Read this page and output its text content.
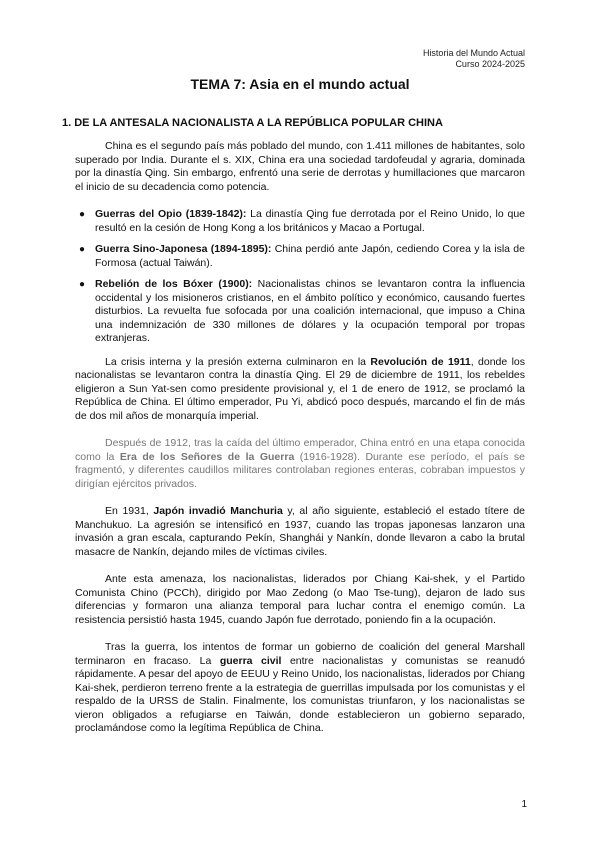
Historia del Mundo Actual
Curso 2024-2025
TEMA 7: Asia en el mundo actual
1. DE LA ANTESALA NACIONALISTA A LA REPÚBLICA POPULAR CHINA

China es el segundo país más poblado del mundo, con 1.411 millones de habitantes, solo superado por India. Durante el s. XIX, China era una sociedad tardofeudal y agraria, dominada por la dinastía Qing. Sin embargo, enfrentó una serie de derrotas y humillaciones que marcaron el inicio de su decadencia como potencia.

● Guerras del Opio (1839-1842): La dinastía Qing fue derrotada por el Reino Unido, lo que resultó en la cesión de Hong Kong a los británicos y Macao a Portugal.
● Guerra Sino-Japonesa (1894-1895): China perdió ante Japón, cediendo Corea y la isla de Formosa (actual Taiwán).
● Rebelión de los Bóxer (1900): Nacionalistas chinos se levantaron contra la influencia occidental y los misioneros cristianos, en el ámbito político y económico, causando fuertes disturbios. La revuelta fue sofocada por una coalición internacional, que impuso a China una indemnización de 330 millones de dólares y la ocupación temporal por tropas extranjeras.

La crisis interna y la presión externa culminaron en la Revolución de 1911, donde los nacionalistas se levantaron contra la dinastía Qing. El 29 de diciembre de 1911, los rebeldes eligieron a Sun Yat-sen como presidente provisional y, el 1 de enero de 1912, se proclamó la República de China. El último emperador, Pu Yi, abdicó poco después, marcando el fin de más de dos mil años de monarquía imperial.

Después de 1912, tras la caída del último emperador, China entró en una etapa conocida como la Era de los Señores de la Guerra (1916-1928). Durante ese período, el país se fragmentó, y diferentes caudillos militares controlaban regiones enteras, cobraban impuestos y dirigían ejércitos privados.

En 1931, Japón invadió Manchuria y, al año siguiente, estableció el estado títere de Manchukuo. La agresión se intensificó en 1937, cuando las tropas japonesas lanzaron una invasión a gran escala, capturando Pekín, Shanghái y Nankín, donde llevaron a cabo la brutal masacre de Nankín, dejando miles de víctimas civiles.

Ante esta amenaza, los nacionalistas, liderados por Chiang Kai-shek, y el Partido Comunista Chino (PCCh), dirigido por Mao Zedong (o Mao Tse-tung), dejaron de lado sus diferencias y formaron una alianza temporal para luchar contra el enemigo común. La resistencia persistió hasta 1945, cuando Japón fue derrotado, poniendo fin a la ocupación.

Tras la guerra, los intentos de formar un gobierno de coalición del general Marshall terminaron en fracaso. La guerra civil entre nacionalistas y comunistas se reanudó rápidamente. A pesar del apoyo de EEUU y Reino Unido, los nacionalistas, liderados por Chiang Kai-shek, perdieron terreno frente a la estrategia de guerrillas impulsada por los comunistas y el respaldo de la URSS de Stalin. Finalmente, los comunistas triunfaron, y los nacionalistas se vieron obligados a refugiarse en Taiwán, donde establecieron un gobierno separado, proclamándose como la legítima República de China.

1
